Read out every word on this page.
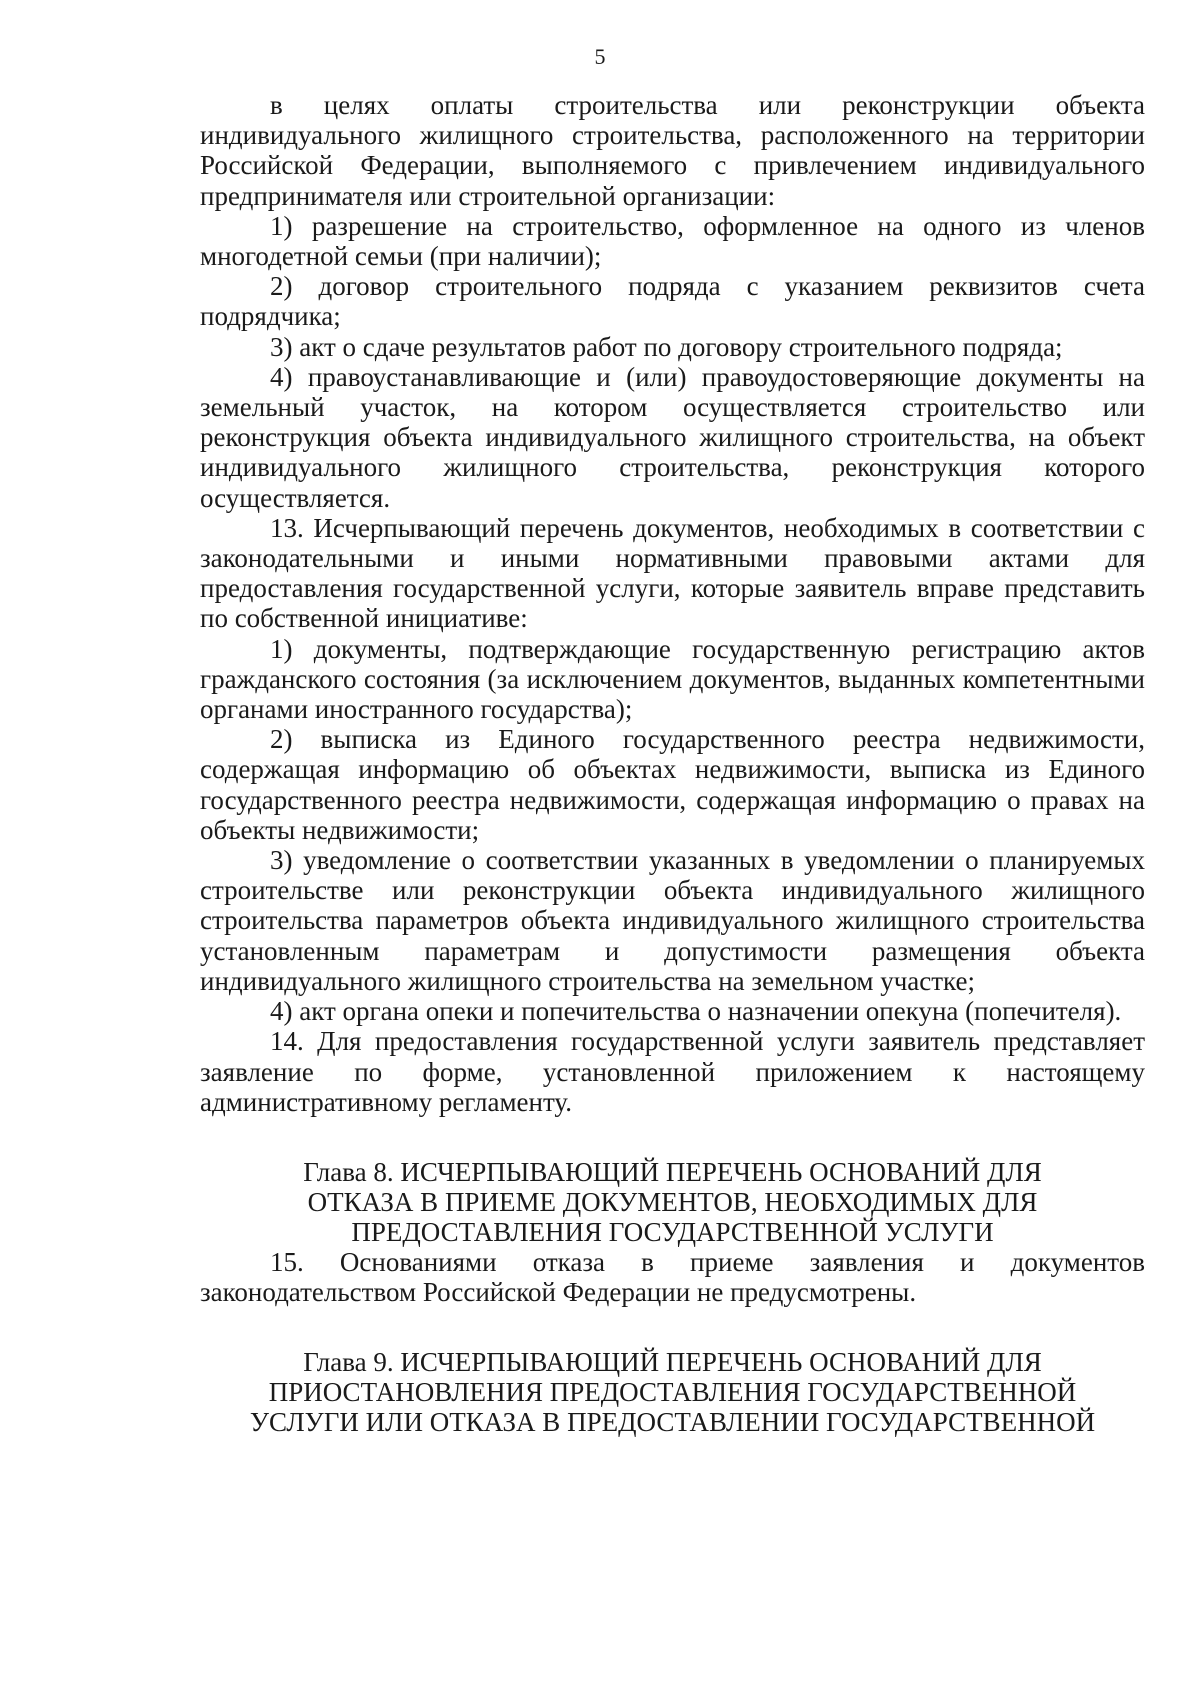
5

в целях оплаты строительства или реконструкции объекта индивидуального жилищного строительства, расположенного на территории Российской Федерации, выполняемого с привлечением индивидуального предпринимателя или строительной организации:

1) разрешение на строительство, оформленное на одного из членов многодетной семьи (при наличии);

2) договор строительного подряда с указанием реквизитов счета подрядчика;

3) акт о сдаче результатов работ по договору строительного подряда;

4) правоустанавливающие и (или) правоудостоверяющие документы на земельный участок, на котором осуществляется строительство или реконструкция объекта индивидуального жилищного строительства, на объект индивидуального жилищного строительства, реконструкция которого осуществляется.

13. Исчерпывающий перечень документов, необходимых в соответствии с законодательными и иными нормативными правовыми актами для предоставления государственной услуги, которые заявитель вправе представить по собственной инициативе:

1) документы, подтверждающие государственную регистрацию актов гражданского состояния (за исключением документов, выданных компетентными органами иностранного государства);

2) выписка из Единого государственного реестра недвижимости, содержащая информацию об объектах недвижимости, выписка из Единого государственного реестра недвижимости, содержащая информацию о правах на объекты недвижимости;

3) уведомление о соответствии указанных в уведомлении о планируемых строительстве или реконструкции объекта индивидуального жилищного строительства параметров объекта индивидуального жилищного строительства установленным параметрам и допустимости размещения объекта индивидуального жилищного строительства на земельном участке;

4) акт органа опеки и попечительства о назначении опекуна (попечителя).

14. Для предоставления государственной услуги заявитель представляет заявление по форме, установленной приложением к настоящему административному регламенту.

Глава 8. ИСЧЕРПЫВАЮЩИЙ ПЕРЕЧЕНЬ ОСНОВАНИЙ ДЛЯ
ОТКАЗА В ПРИЕМЕ ДОКУМЕНТОВ, НЕОБХОДИМЫХ ДЛЯ
ПРЕДОСТАВЛЕНИЯ ГОСУДАРСТВЕННОЙ УСЛУГИ

15. Основаниями отказа в приеме заявления и документов законодательством Российской Федерации не предусмотрены.

Глава 9. ИСЧЕРПЫВАЮЩИЙ ПЕРЕЧЕНЬ ОСНОВАНИЙ ДЛЯ
ПРИОСТАНОВЛЕНИЯ ПРЕДОСТАВЛЕНИЯ ГОСУДАРСТВЕННОЙ
УСЛУГИ ИЛИ ОТКАЗА В ПРЕДОСТАВЛЕНИИ ГОСУДАРСТВЕННОЙ
